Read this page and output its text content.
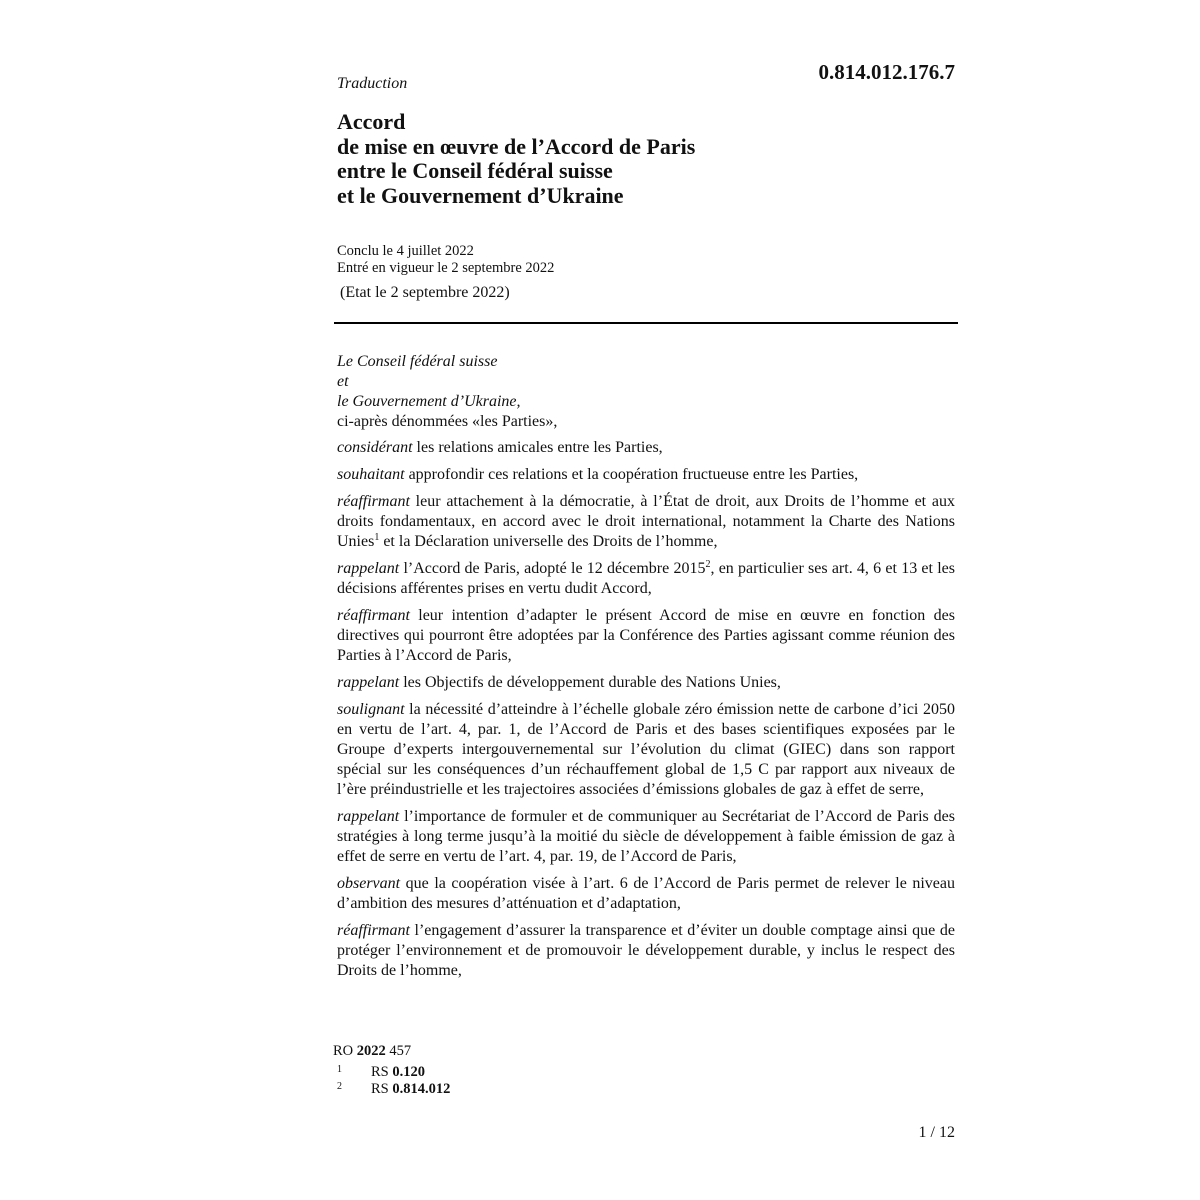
0.814.012.176.7
Traduction
Accord
de mise en œuvre de l’Accord de Paris
entre le Conseil fédéral suisse
et le Gouvernement d’Ukraine
Conclu le 4 juillet 2022
Entré en vigueur le 2 septembre 2022
(Etat le 2 septembre 2022)
Le Conseil fédéral suisse
et
le Gouvernement d’Ukraine,
ci-après dénommées «les Parties»,

considérant les relations amicales entre les Parties,

souhaitant approfondir ces relations et la coopération fructueuse entre les Parties,

réaffirmant leur attachement à la démocratie, à l’État de droit, aux Droits de l’homme et aux droits fondamentaux, en accord avec le droit international, notamment la Charte des Nations Unies$^1$ et la Déclaration universelle des Droits de l’homme,

rappelant l’Accord de Paris, adopté le 12 décembre 2015$^2$, en particulier ses art. 4, 6 et 13 et les décisions afférentes prises en vertu dudit Accord,

réaffirmant leur intention d’adapter le présent Accord de mise en œuvre en fonction des directives qui pourront être adoptées par la Conférence des Parties agissant comme réunion des Parties à l’Accord de Paris,

rappelant les Objectifs de développement durable des Nations Unies,

soulignant la nécessité d’atteindre à l’échelle globale zéro émission nette de carbone d’ici 2050 en vertu de l’art. 4, par. 1, de l’Accord de Paris et des bases scientifiques exposées par le Groupe d’experts intergouvernemental sur l’évolution du climat (GIEC) dans son rapport spécial sur les conséquences d’un réchauffement global de 1,5 C par rapport aux niveaux de l’ère préindustrielle et les trajectoires associées d’émissions globales de gaz à effet de serre,

rappelant l’importance de formuler et de communiquer au Secrétariat de l’Accord de Paris des stratégies à long terme jusqu’à la moitié du siècle de développement à faible émission de gaz à effet de serre en vertu de l’art. 4, par. 19, de l’Accord de Paris,

observant que la coopération visée à l’art. 6 de l’Accord de Paris permet de relever le niveau d’ambition des mesures d’atténuation et d’adaptation,

réaffirmant l’engagement d’assurer la transparence et d’éviter un double comptage ainsi que de protéger l’environnement et de promouvoir le développement durable, y inclus le respect des Droits de l’homme,

RO 2022 457
1 RS 0.120
2 RS 0.814.012
1 / 12
